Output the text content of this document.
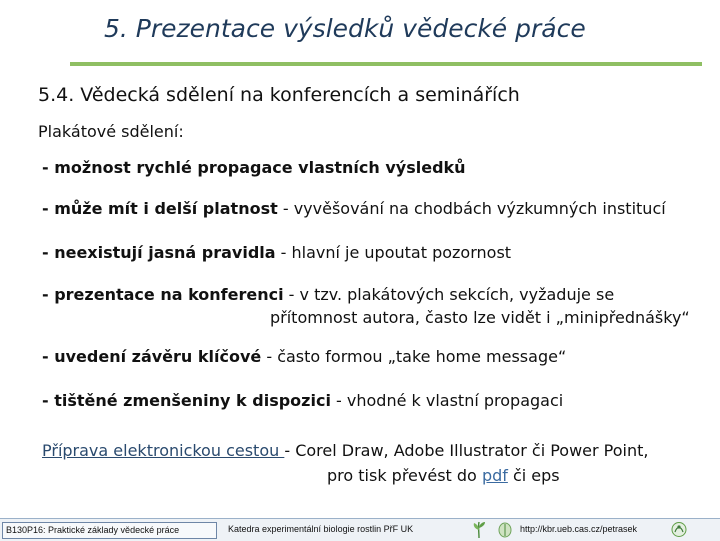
5. Prezentace výsledků vědecké práce
5.4. Vědecká sdělení na konferencích a seminářích
Plakátové sdělení:
- možnost rychlé propagace vlastních výsledků
- může mít i delší platnost - vyvěšování na chodbách výzkumných institucí
- neexistují jasná pravidla - hlavní je upoutat pozornost
- prezentace na konferenci - v tzv. plakátových sekcích, vyžaduje se
přítomnost autora, často lze vidět i „minipřednášky“
- uvedení závěru klíčové - často formou „take home message“
- tištěné zmenšeniny k dispozici - vhodné k vlastní propagaci
Příprava elektronickou cestou - Corel Draw, Adobe Illustrator či Power Point,
pro tisk převést do pdf či eps
B130P16: Praktické základy vědecké práce	Katedra experimentální biologie rostlin PřF UK	http://kbr.ueb.cas.cz/petrasek
